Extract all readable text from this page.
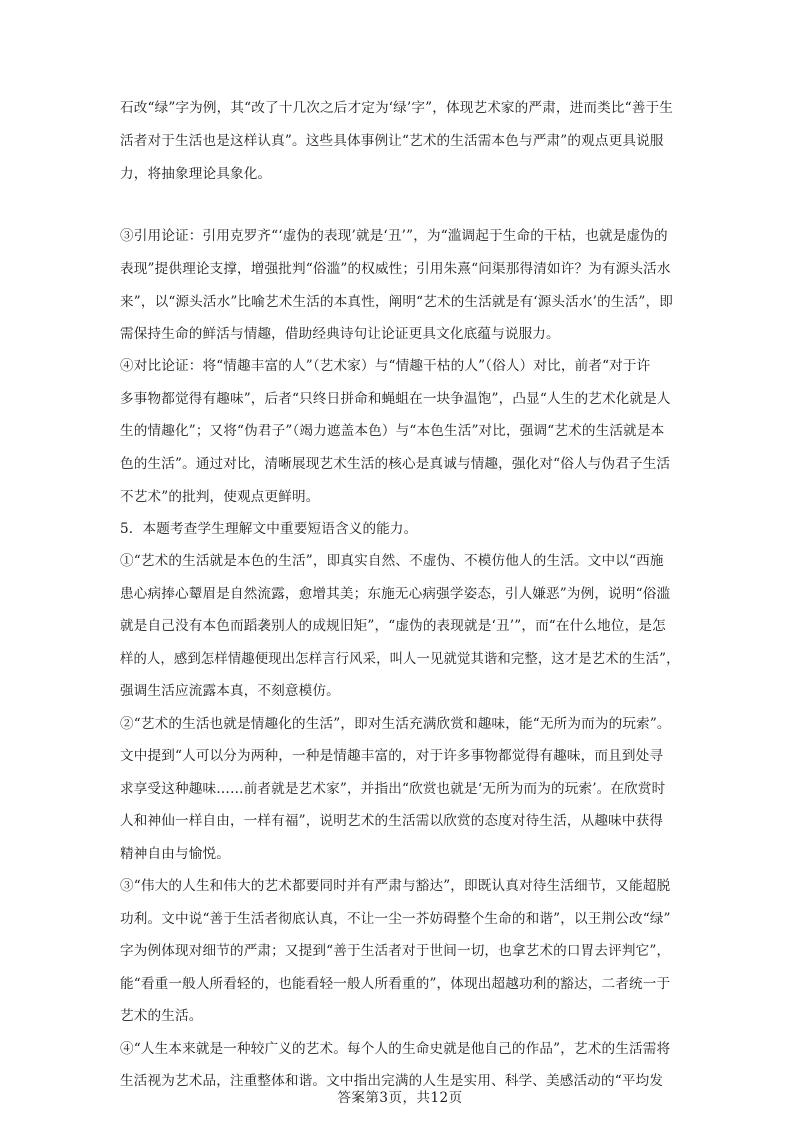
石改“绿”字为例，其“改了十几次之后才定为‘绿’字”，体现艺术家的严肃，进而类比“善于生
活者对于生活也是这样认真”。这些具体事例让“艺术的生活需本色与严肃”的观点更具说服
力，将抽象理论具象化。
③引用论证：引用克罗齐“‘虚伪的表现’就是‘丑’”，为“滥调起于生命的干枯，也就是虚伪的
表现”提供理论支撑，增强批判“俗滥”的权威性；引用朱熹“问渠那得清如许？为有源头活水
来”，以“源头活水”比喻艺术生活的本真性，阐明“艺术的生活就是有‘源头活水’的生活”，即
需保持生命的鲜活与情趣，借助经典诗句让论证更具文化底蕴与说服力。
④对比论证：将“情趣丰富的人”（艺术家）与“情趣干枯的人”（俗人）对比，前者“对于许
多事物都觉得有趣味”，后者“只终日拼命和蝇蛆在一块争温饱”，凸显“人生的艺术化就是人
生的情趣化”；又将“伪君子”（竭力遮盖本色）与“本色生活”对比，强调“艺术的生活就是本
色的生活”。通过对比，清晰展现艺术生活的核心是真诚与情趣，强化对“俗人与伪君子生活
不艺术”的批判，使观点更鲜明。
5．本题考查学生理解文中重要短语含义的能力。
①“艺术的生活就是本色的生活”，即真实自然、不虚伪、不模仿他人的生活。文中以“西施
患心病捧心颦眉是自然流露，愈增其美；东施无心病强学姿态，引人嫌恶”为例，说明“俗滥
就是自己没有本色而蹈袭别人的成规旧矩”，“虚伪的表现就是‘丑’”，而“在什么地位，是怎
样的人，感到怎样情趣便现出怎样言行风采，叫人一见就觉其谐和完整，这才是艺术的生活”，
强调生活应流露本真，不刻意模仿。
②“艺术的生活也就是情趣化的生活”，即对生活充满欣赏和趣味，能“无所为而为的玩索”。
文中提到“人可以分为两种，一种是情趣丰富的，对于许多事物都觉得有趣味，而且到处寻
求享受这种趣味……前者就是艺术家”，并指出“欣赏也就是‘无所为而为的玩索’。在欣赏时
人和神仙一样自由，一样有福”，说明艺术的生活需以欣赏的态度对待生活，从趣味中获得
精神自由与愉悦。
③“伟大的人生和伟大的艺术都要同时并有严肃与豁达”，即既认真对待生活细节，又能超脱
功利。文中说“善于生活者彻底认真，不让一尘一芥妨碍整个生命的和谐”，以王荆公改“绿”
字为例体现对细节的严肃；又提到“善于生活者对于世间一切，也拿艺术的口胃去评判它”，
能“看重一般人所看轻的，也能看轻一般人所看重的”，体现出超越功利的豁达，二者统一于
艺术的生活。
④“人生本来就是一种较广义的艺术。每个人的生命史就是他自己的作品”，艺术的生活需将
生活视为艺术品，注重整体和谐。文中指出完满的人生是实用、科学、美感活动的“平均发
答案第3页，共12页
